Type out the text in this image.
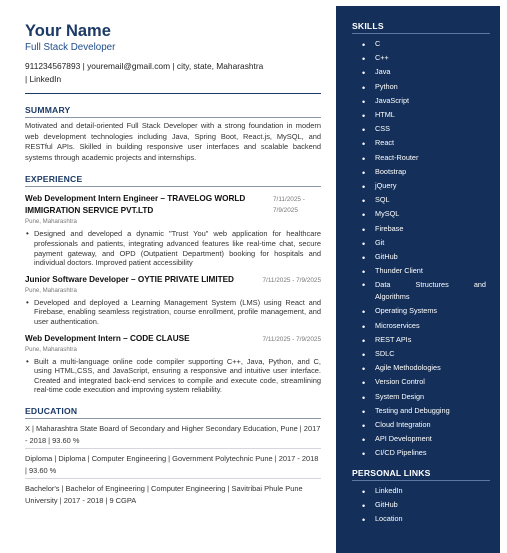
Your Name
Full Stack Developer
911234567893 | youremail@gmail.com | city, state, Maharashtra
| LinkedIn
SUMMARY

Motivated and detail-oriented Full Stack Developer with a strong foundation in modern web development technologies including Java, Spring Boot, React.js, MySQL, and RESTful APIs. Skilled in building responsive user interfaces and scalable backend systems through academic projects and internships.

EXPERIENCE
Web Development Intern Engineer – TRAVELOG WORLD IMMIGRATION SERVICE PVT.LTD
7/11/2025 - 7/9/2025
Pune, Maharashtra
• Designed and developed a dynamic "Trust You" web application for healthcare professionals and patients, integrating advanced features like real-time chat, secure payment gateway, and OPD (Outpatient Department) booking for hospitals and individual doctors. Improved patient accessibility
Junior Software Developer – OYTIE PRIVATE LIMITED	7/11/2025 - 7/9/2025
Pune, Maharashtra
• Developed and deployed a Learning Management System (LMS) using React and Firebase, enabling seamless registration, course enrollment, profile management, and user authentication.
Web Development Intern – CODE CLAUSE	7/11/2025 - 7/9/2025
Pune, Maharashtra
• Built a multi-language online code compiler supporting C++, Java, Python, and C, using HTML,CSS, and JavaScript, ensuring a responsive and intuitive user interface. Created and integrated back-end services to compile and execute code, streamlining real-time code execution and improving system reliability.
EDUCATION
X | Maharashtra State Board of Secondary and Higher Secondary Education, Pune | 2017 - 2018 | 93.60 %
Diploma | Diploma | Computer Engineering | Government Polytechnic Pune | 2017 - 2018 | 93.60 %
Bachelor's | Bachelor of Engineering | Computer Engineering | Savitribai Phule Pune University | 2017 - 2018 | 9 CGPA
SKILLS
• C
• C++
• Java
• Python
• JavaScript
• HTML
• CSS
• React
• React-Router
• Bootstrap
• jQuery
• SQL
• MySQL
• Firebase
• Git
• GitHub
• Thunder Client
• Data	Structures	and
Algorithms
• Operating Systems
• Microservices
• REST APIs
• SDLC
• Agile Methodologies
• Version Control
• System Design
• Testing and Debugging
• Cloud Integration
• API Development
• CI/CD Pipelines
PERSONAL LINKS
• LinkedIn
• GitHub
• Location
